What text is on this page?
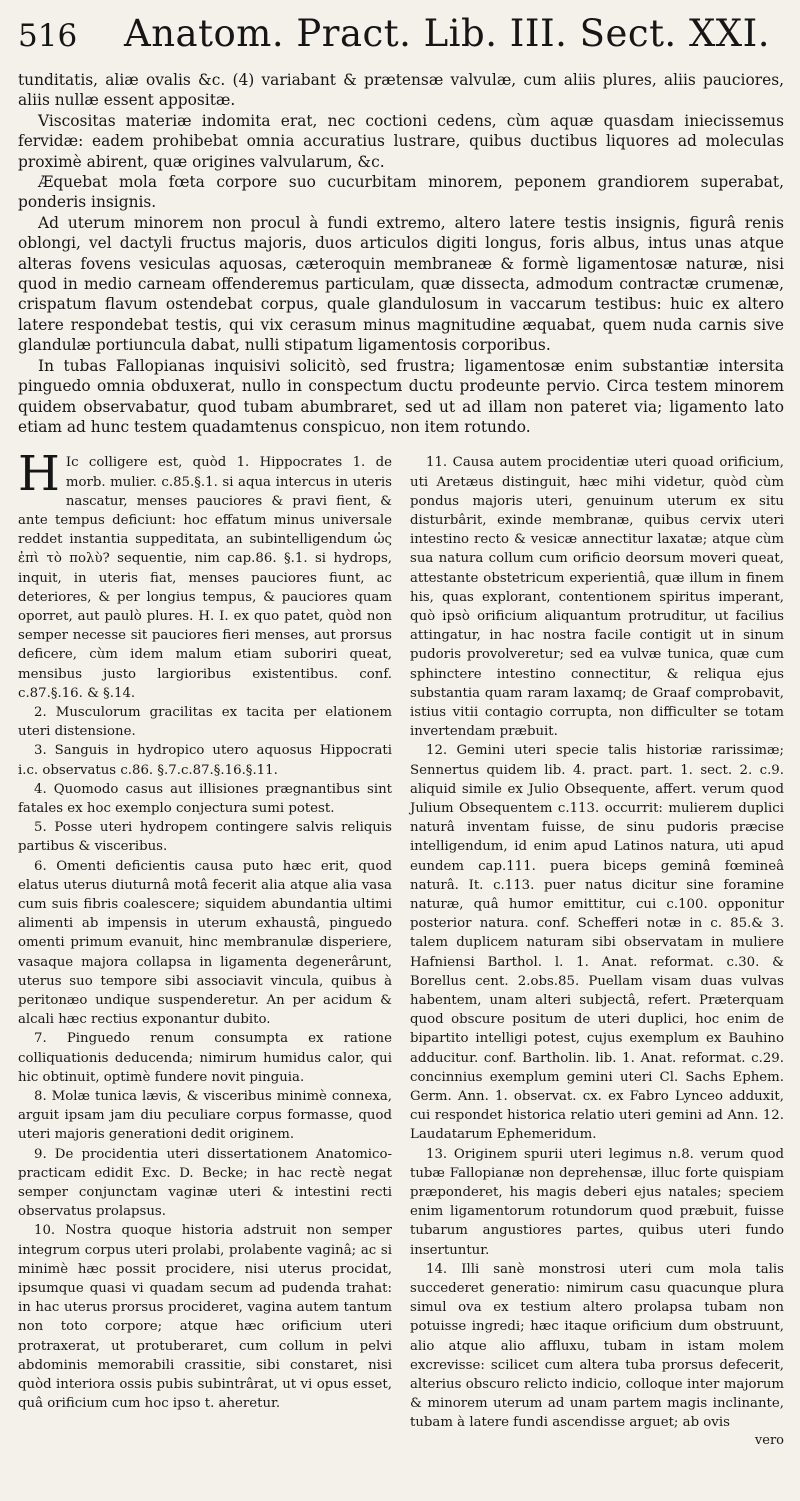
516 Anatom. Pract. Lib. III. Sect. XXI.

tunditatis, aliæ ovalis &c. (4) variabant & prætensæ valvulæ, cum aliis plures, aliis pauciores, aliis nullæ essent appositæ.

Viscositas materiæ indomita erat, nec coctioni cedens, cùm aquæ quasdam iniecissemus fervidæ: eadem prohibebat omnia accuratius lustrare, quibus ductibus liquores ad moleculas proximè abirent, quæ origines valvularum, &c.

Æquebat mola fœta corpore suo cucurbitam minorem, peponem grandiorem superabat, ponderis insignis.

Ad uterum minorem non procul à fundi extremo, altero latere testis insignis, figurâ renis oblongi, vel dactyli fructus majoris, duos articulos digiti longus, foris albus, intus unas atque alteras fovens vesiculas aquosas, cæteroquin membraneæ & formè ligamentosæ naturæ, nisi quod in medio carneam offenderemus particulam, quæ dissecta, admodum contractæ crumenæ, crispatum flavum ostendebat corpus, quale glandulosum in vaccarum testibus: huic ex altero latere respondebat testis, qui vix cerasum minus magnitudine æquabat, quem nuda carnis sive glandulæ portiuncula dabat, nulli stipatum ligamentosis corporibus.

In tubas Fallopianas inquisivi solicitò, sed frustra; ligamentosæ enim substantiæ intersita pinguedo omnia obduxerat, nullo in conspectum ductu prodeunte pervio. Circa testem minorem quidem observabatur, quod tubam abumbraret, sed ut ad illam non pateret via; ligamento lato etiam ad hunc testem quadamtenus conspicuo, non item rotundo.

H Ic colligere est, quòd 1. Hippocrates 1. de morb. mulier. c.85.§.1. si aqua intercus in uteris nascatur, menses pauciores & pravi fient, & ante tempus deficiunt: hoc effatum minus universale reddet instantia suppeditata, an subintelligendum ὡς ἐπὶ τὸ πολὺ? sequentie, nim cap.86. §.1. si hydrops, inquit, in uteris fiat, menses pauciores fiunt, ac deteriores, & per longius tempus, & pauciores quam oporret, aut paulò plures. H. I. ex quo patet, quòd non semper necesse sit pauciores fieri menses, aut prorsus deficere, cùm idem malum etiam suboriri queat, mensibus justo largioribus existentibus. conf. c.87.§.16. & §.14.

2. Musculorum gracilitas ex tacita per elationem uteri distensione.

3. Sanguis in hydropico utero aquosus Hippocrati i.c. observatus c.86. §.7.c.87.§.16.§.11.

4. Quomodo casus aut illisiones prægnantibus sint fatales ex hoc exemplo conjectura sumi potest.

5. Posse uteri hydropem contingere salvis reliquis partibus & visceribus.

6. Omenti deficientis causa puto hæc erit, quod elatus uterus diuturnâ motâ fecerit alia atque alia vasa cum suis fibris coalescere; siquidem abundantia ultimi alimenti ab impensis in uterum exhaustâ, pinguedo omenti primum evanuit, hinc membranulæ disperiere, vasaque majora collapsa in ligamenta degenerârunt, uterus suo tempore sibi associavit vincula, quibus à peritonæo undique suspenderetur. An per acidum & alcali hæc rectius exponantur dubito.

7. Pinguedo renum consumpta ex ratione colliquationis deducenda; nimirum humidus calor, qui hic obtinuit, optimè fundere novit pinguia.

8. Molæ tunica lævis, & visceribus minimè connexa, arguit ipsam jam diu peculiare corpus formasse, quod uteri majoris generationi dedit originem.

9. De procidentia uteri dissertationem Anatomico-practicam edidit Exc. D. Becke; in hac rectè negat semper conjunctam vaginæ uteri & intestini recti observatus prolapsus.

10. Nostra quoque historia adstruit non semper integrum corpus uteri prolabi, prolabente vaginâ; ac si minimè hæc possit procidere, nisi uterus procidat, ipsumque quasi vi quadam secum ad pudenda trahat: in hac uterus prorsus procideret, vagina autem tantum non toto corpore; atque hæc orificium uteri protraxerat, ut protuberaret, cum collum in pelvi abdominis memorabili crassitie, sibi constaret, nisi quòd interiora ossis pubis subintrârat, ut vi opus esset, quâ orificium cum hoc ipso t. aheretur.

11. Causa autem procidentiæ uteri quoad orificium, uti Aretæus distinguit, hæc mihi videtur, quòd cùm pondus majoris uteri, genuinum uterum ex situ disturbârit, exinde membranæ, quibus cervix uteri intestino recto & vesicæ annectitur laxatæ; atque cùm sua natura collum cum orificio deorsum moveri queat, attestante obstetricum experientiâ, quæ illum in finem his, quas explorant, contentionem spiritus imperant, quò ipsò orificium aliquantum protruditur, ut facilius attingatur, in hac nostra facile contigit ut in sinum pudoris provolveretur; sed ea vulvæ tunica, quæ cum sphinctere intestino connectitur, & reliqua ejus substantia quam raram laxamq; de Graaf comprobavit, istius vitii contagio corrupta, non difficulter se totam invertendam præbuit.

12. Gemini uteri specie talis historiæ rarissimæ; Sennertus quidem lib. 4. pract. part. 1. sect. 2. c.9. aliquid simile ex Julio Obsequente, affert. verum quod Julium Obsequentem c.113. occurrit: mulierem duplici naturâ inventam fuisse, de sinu pudoris præcise intelligendum, id enim apud Latinos natura, uti apud eundem cap.111. puera biceps geminâ fœmineâ naturâ. It. c.113. puer natus dicitur sine foramine naturæ, quâ humor emittitur, cui c.100. opponitur posterior natura. conf. Schefferi notæ in c. 85.& 3. talem duplicem naturam sibi observatam in muliere Hafniensi Barthol. l. 1. Anat. reformat. c.30. & Borellus cent. 2.obs.85. Puellam visam duas vulvas habentem, unam alteri subjectâ, refert. Præterquam quod obscure positum de uteri duplici, hoc enim de bipartito intelligi potest, cujus exemplum ex Bauhino adducitur. conf. Bartholin. lib. 1. Anat. reformat. c.29. concinnius exemplum gemini uteri Cl. Sachs Ephem. Germ. Ann. 1. observat. cx. ex Fabro Lynceo adduxit, cui respondet historica relatio uteri gemini ad Ann. 12. Laudatarum Ephemeridum.

13. Originem spurii uteri legimus n.8. verum quod tubæ Fallopianæ non deprehensæ, illuc forte quispiam præponderet, his magis deberi ejus natales; speciem enim ligamentorum rotundorum quod præbuit, fuisse tubarum angustiores partes, quibus uteri fundo insertuntur.

14. Illi sanè monstrosi uteri cum mola talis succederet generatio: nimirum casu quacunque plura simul ova ex testium altero prolapsa tubam non potuisse ingredi; hæc itaque orificium dum obstruunt, alio atque alio affluxu, tubam in istam molem excrevisse: scilicet cum altera tuba prorsus defecerit, alterius obscuro relicto indicio, colloque inter majorum & minorem uterum ad unam partem magis inclinante, tubam à latere fundi ascendisse arguet; ab ovis

vero
